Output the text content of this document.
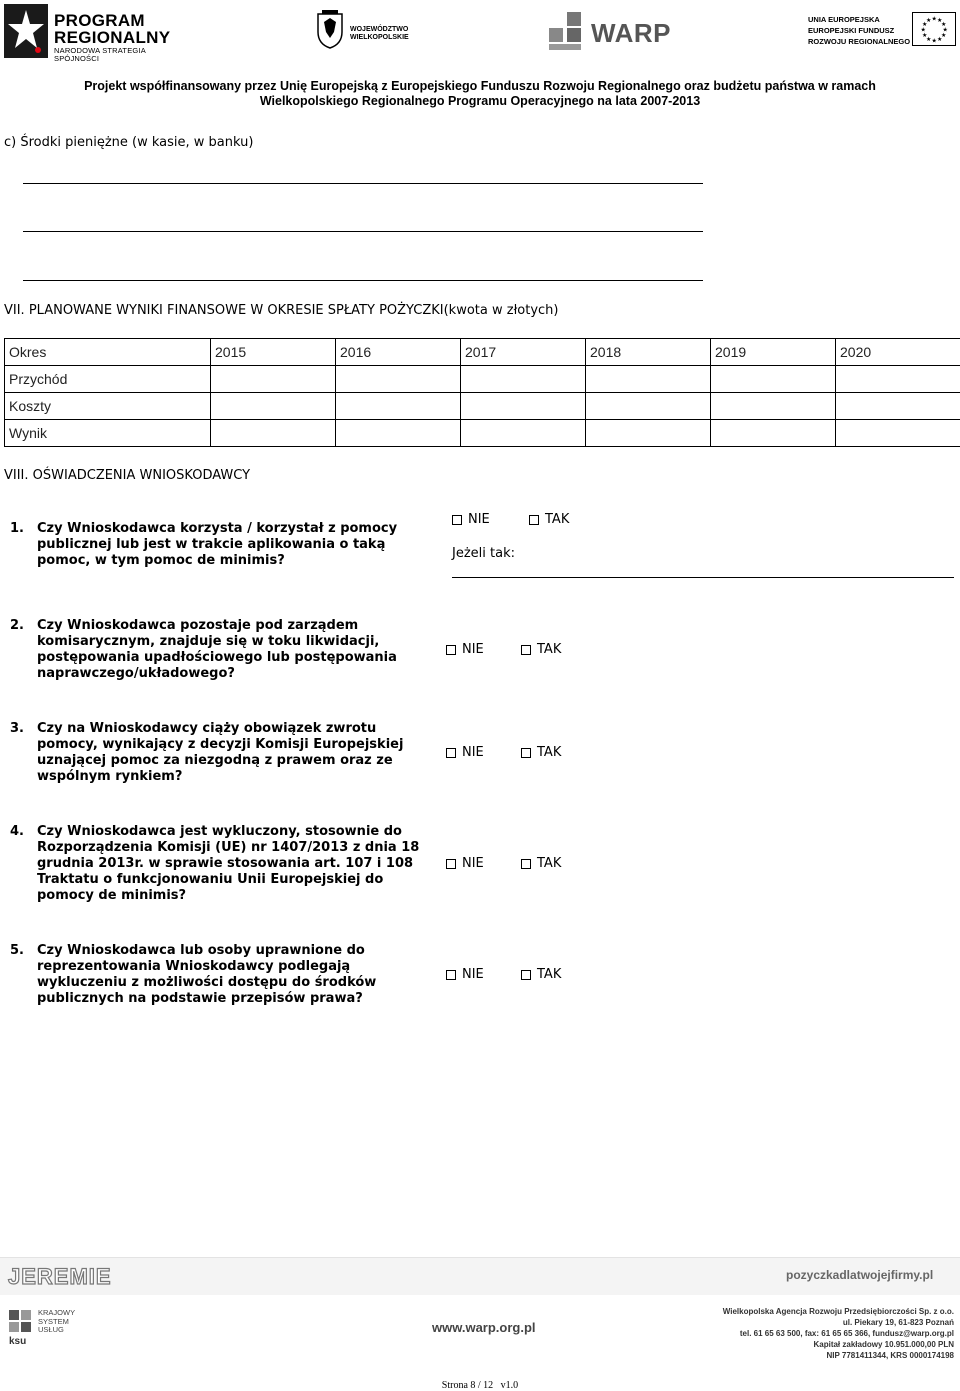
PROGRAM
REGIONALNY
NARODOWA STRATEGIA SPÓJNOŚCI
WOJEWÓDZTWO
WIELKOPOLSKIE	WARP	UNIA EUROPEJSKA
EUROPEJSKI FUNDUSZ
ROZWOJU REGIONALNEGO
★
★
★
★
★
★
★
★
★ ★ ★
★
Projekt współfinansowany przez Unię Europejską z Europejskiego Funduszu Rozwoju Regionalnego oraz budżetu państwa w ramach
Wielkopolskiego Regionalnego Programu Operacyjnego na lata 2007-2013
c) Środki pieniężne (w kasie, w banku)
VII. PLANOWANE WYNIKI FINANSOWE W OKRESIE SPŁATY POŻYCZKI(kwota w złotych)
Okres	2015	2016	2017	2018	2019	2020
Przychód						
Koszty						
Wynik						
VIII. OŚWIADCZENIA WNIOSKODAWCY
1. Czy Wnioskodawca korzysta / korzystał z pomocy publicznej lub jest w trakcie aplikowania o taką pomoc, w tym pomoc de minimis?
NIE	TAK
Jeżeli tak:
2. Czy Wnioskodawca pozostaje pod zarządem komisarycznym, znajduje się w toku likwidacji, postępowania upadłościowego lub postępowania naprawczego/układowego?
NIE	TAK
3. Czy na Wnioskodawcy ciąży obowiązek zwrotu pomocy, wynikający z decyzji Komisji Europejskiej uznającej pomoc za niezgodną z prawem oraz ze wspólnym rynkiem?
NIE	TAK
4. Czy Wnioskodawca jest wykluczony, stosownie do Rozporządzenia Komisji (UE) nr 1407/2013 z dnia 18 grudnia 2013r. w sprawie stosowania art. 107 i 108 Traktatu o funkcjonowaniu Unii Europejskiej do pomocy de minimis?
NIE	TAK
5. Czy Wnioskodawca lub osoby uprawnione do reprezentowania Wnioskodawcy podlegają wykluczeniu z możliwości dostępu do środków publicznych na podstawie przepisów prawa?
NIE	TAK
JEREMIE	pozyczkadlatwojejfirmy.pl
ksu
KRAJOWY
SYSTEM
USŁUG	www.warp.org.pl
Wielkopolska Agencja Rozwoju Przedsiębiorczości Sp. z o.o.
ul. Piekary 19, 61-823 Poznań
tel. 61 65 63 500, fax: 61 65 65 366, fundusz@warp.org.pl
Kapitał zakładowy 10.951.000,00 PLN
NIP 7781411344, KRS 0000174198
Strona 8 / 12   v1.0
